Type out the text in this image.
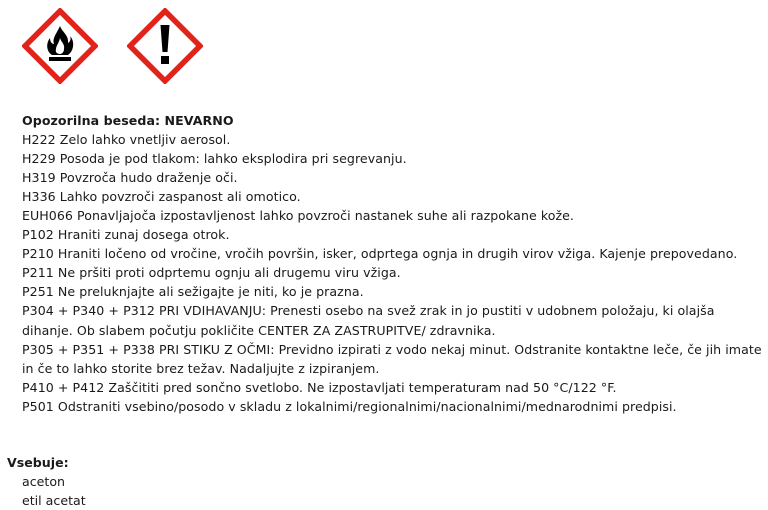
Opozorilna beseda: NEVARNO
H222 Zelo lahko vnetljiv aerosol.
H229 Posoda je pod tlakom: lahko eksplodira pri segrevanju.
H319 Povzroča hudo draženje oči.
H336 Lahko povzroči zaspanost ali omotico.
EUH066 Ponavljajoča izpostavljenost lahko povzroči nastanek suhe ali razpokane kože.
P102 Hraniti zunaj dosega otrok.
P210 Hraniti ločeno od vročine, vročih površin, isker, odprtega ognja in drugih virov vžiga. Kajenje prepovedano.
P211 Ne pršiti proti odprtemu ognju ali drugemu viru vžiga.
P251 Ne preluknjajte ali sežigajte je niti, ko je prazna.
P304 + P340 + P312 PRI VDIHAVANJU: Prenesti osebo na svež zrak in jo pustiti v udobnem položaju, ki olajša dihanje. Ob slabem počutju pokličite CENTER ZA ZASTRUPITVE/ zdravnika.
P305 + P351 + P338 PRI STIKU Z OČMI: Previdno izpirati z vodo nekaj minut. Odstranite kontaktne leče, če jih imate in če to lahko storite brez težav. Nadaljujte z izpiranjem.
P410 + P412 Zaščititi pred sončno svetlobo. Ne izpostavljati temperaturam nad 50 °C/122 °F.
P501 Odstraniti vsebino/posodo v skladu z lokalnimi/regionalnimi/nacionalnimi/mednarodnimi predpisi.
Vsebuje:
aceton
etil acetat
